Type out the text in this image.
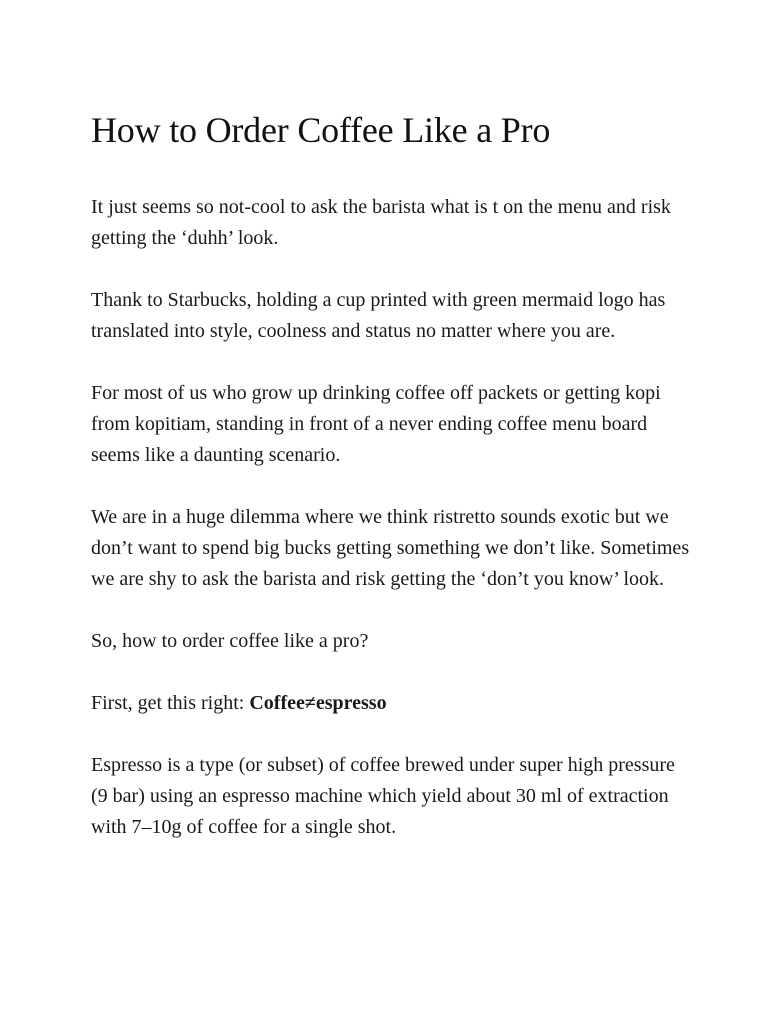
How to Order Coffee Like a Pro

It just seems so not-cool to ask the barista what is t on the menu and risk getting the ‘duhh’ look.

Thank to Starbucks, holding a cup printed with green mermaid logo has translated into style, coolness and status no matter where you are.

For most of us who grow up drinking coffee off packets or getting kopi from kopitiam, standing in front of a never ending coffee menu board seems like a daunting scenario.

We are in a huge dilemma where we think ristretto sounds exotic but we don’t want to spend big bucks getting something we don’t like. Sometimes we are shy to ask the barista and risk getting the ‘don’t you know’ look.

So, how to order coffee like a pro?

First, get this right: Coffee≠espresso

Espresso is a type (or subset) of coffee brewed under super high pressure (9 bar) using an espresso machine which yield about 30 ml of extraction with 7–10g of coffee for a single shot.
